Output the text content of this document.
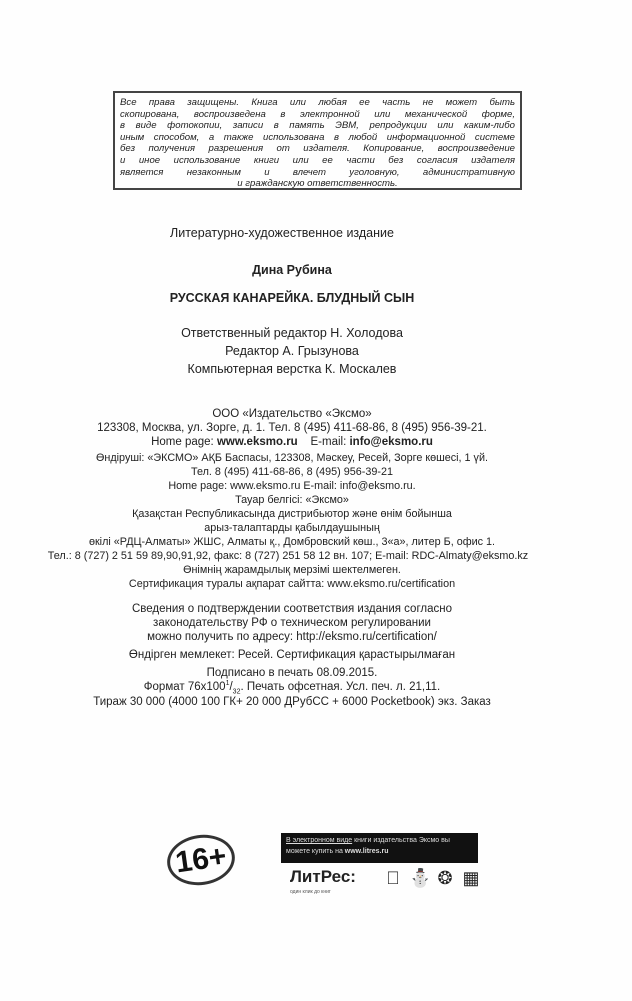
Все права защищены. Книга или любая ее часть не может быть
скопирована, воспроизведена в электронной или механической форме,
в виде фотокопии, записи в память ЭВМ, репродукции или каким-либо
иным способом, а также использована в любой информационной системе
без получения разрешения от издателя. Копирование, воспроизведение
и иное использование книги или ее части без согласия издателя
является незаконным и влечет уголовную, административную
и гражданскую ответственность.
Литературно-художественное издание
Дина Рубина
РУССКАЯ КАНАРЕЙКА. БЛУДНЫЙ СЫН
Ответственный редактор Н. Холодова
Редактор А. Грызунова
Компьютерная верстка К. Москалев
ООО «Издательство «Эксмо»
123308, Москва, ул. Зорге, д. 1. Тел. 8 (495) 411-68-86, 8 (495) 956-39-21.
Home page: www.eksmo.ru E-mail: info@eksmo.ru
Өндіруші: «ЭКСМО» АҚБ Баспасы, 123308, Мәскеу, Ресей, Зорге көшесі, 1 үй.
Тел. 8 (495) 411-68-86, 8 (495) 956-39-21
Home page: www.eksmo.ru E-mail: info@eksmo.ru.
Тауар белгісі: «Эксмо»
Қазақстан Республикасында дистрибьютор және өнім бойынша
арыз-талаптарды қабылдаушының
өкілі «РДЦ-Алматы» ЖШС, Алматы қ., Домбровский көш., 3«а», литер Б, офис 1.
Тел.: 8 (727) 2 51 59 89,90,91,92, факс: 8 (727) 251 58 12 вн. 107; E-mail: RDC-Almaty@eksmo.kz
Өнімнің жарамдылық мерзімі шектелмеген.
Сертификация туралы ақпарат сайтта: www.eksmo.ru/certification
Сведения о подтверждении соответствия издания согласно
законодательству РФ о техническом регулировании
можно получить по адресу: http://eksmo.ru/certification/
Өндірген мемлекет: Ресей. Сертификация қарастырылмаған
Подписано в печать 08.09.2015.
Формат $76x100^1/_{32}$. Печать офсетная. Усл. печ. л. 21,11.
Тираж 30 000 (4000 100 ГК+ 20 000 ДРубСС + 6000 Pocketbook) экз. Заказ
16+	В электронном виде книги издательства Эксмо вы можете купить на www.litres.ru
ЛитРес:
один клик до книг
⛄ ❂ ▦
